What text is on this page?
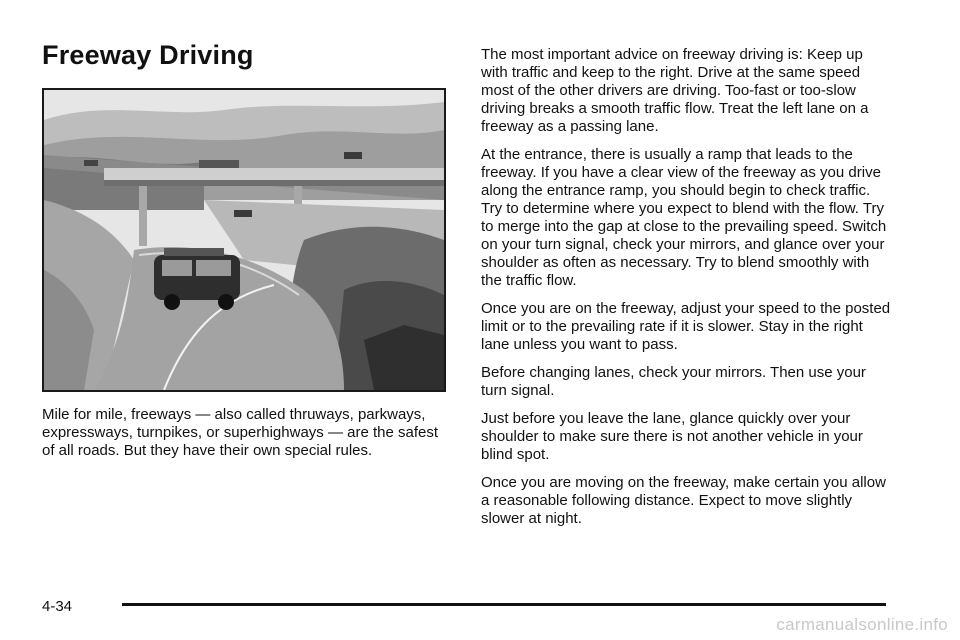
Freeway Driving

Mile for mile, freeways — also called thruways, parkways, expressways, turnpikes, or superhighways — are the safest of all roads. But they have their own special rules.

The most important advice on freeway driving is: Keep up with traffic and keep to the right. Drive at the same speed most of the other drivers are driving. Too-fast or too-slow driving breaks a smooth traffic flow. Treat the left lane on a freeway as a passing lane.

At the entrance, there is usually a ramp that leads to the freeway. If you have a clear view of the freeway as you drive along the entrance ramp, you should begin to check traffic. Try to determine where you expect to blend with the flow. Try to merge into the gap at close to the prevailing speed. Switch on your turn signal, check your mirrors, and glance over your shoulder as often as necessary. Try to blend smoothly with the traffic flow.

Once you are on the freeway, adjust your speed to the posted limit or to the prevailing rate if it is slower. Stay in the right lane unless you want to pass.

Before changing lanes, check your mirrors. Then use your turn signal.

Just before you leave the lane, glance quickly over your shoulder to make sure there is not another vehicle in your blind spot.

Once you are moving on the freeway, make certain you allow a reasonable following distance. Expect to move slightly slower at night.

4-34
carmanualsonline.info
